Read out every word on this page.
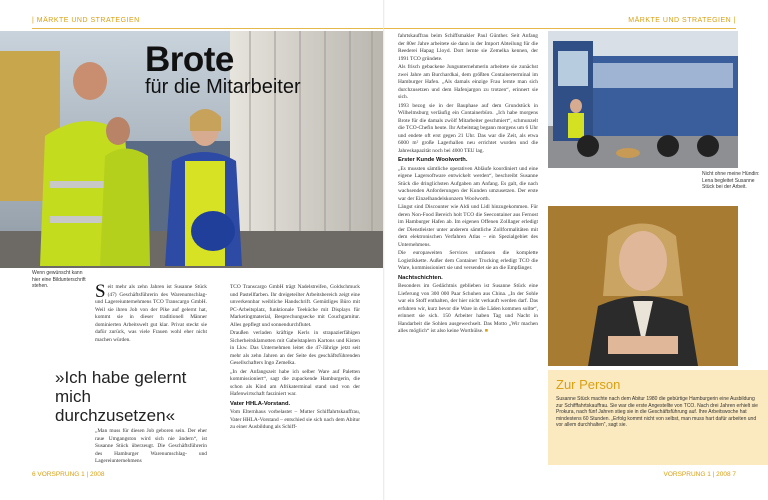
| MÄRKTE UND STRATEGIEN
Brote
für die Mitarbeiter
Wenn gewünscht kann hier eine Bildunterschrift stehen.	S eit mehr als zehn Jahren ist Susanne Stück (47) Geschäftsführerin des Warenumschlag- und Lagereiunternehmens TCO Transcargo GmbH. Weil sie ihren Job von der Pike auf gelernt hat, kommt sie in dieser traditionell Männer dominierten Arbeitswelt gut klar. Privat steckt sie dafür zurück, was viele Frauen wohl eher nicht machen würden.

»Ich habe gelernt mich durchzusetzen«

„Man muss für diesen Job geboren sein. Der eher raue Umgangston wird sich nie ändern“, ist Susanne Stück überzeugt. Die Geschäftsführerin des Hamburger Warenumschlag- und Lagereiunternehmens

TCO Transcargo GmbH trägt Nadelstreifen, Goldschmuck und Pastellfarben. Ihr dreigeteilter Arbeitsbereich zeigt eine unverkennbar weibliche Handschrift. Gemütliges Büro mit PC-Arbeitsplatz, funktionale Teeküche mit Displays für Marketingmaterial, Besprechungsecke mit Couchgarnitur. Alles gepflegt und sonnendurchflutet.

Draußen verladen kräftige Kerls in strapazierfähigen Sicherheitsklamotten mit Gabelstaplern Kartons und Kisten in Lkw. Das Unternehmen leitet die 47-Jährige jetzt seit mehr als zehn Jahren an der Seite des geschäftsführenden Gesellschafters Ingo Zemelka.

„In der Anfangszeit habe ich selber Ware auf Paletten kommissioniert“, sagt die zupackende Hamburgerin, die schon als Kind am Afrikaterminal stand und von der Hafenwirtschaft fasziniert war.

Vater HHLA-Vorstand.

Vom Elternhaus vorbelastet – Mutter Schiffahrtskauffrau, Vater HHLA-Vorstand – entschied sie sich nach dem Abitur zu einer Ausbildung als Schiff-

6 VORSPRUNG 1 | 2008
MÄRKTE UND STRATEGIEN |

fahrtskauffrau beim Schiffsmakler Paul Günther. Seit Anfang der 80er Jahre arbeitete sie dann in der Import Abteilung für die Reederei Hapag Lloyd. Dort lernte sie Zemelka kennen, der 1991 TCO gründete.

Als frisch gebackene Jungunternehmerin arbeitete sie zunächst zwei Jahre am Burchardkai, dem größten Containerterminal im Hamburger Hafen. „Als damals einzige Frau lernte man sich durchzusetzen und dem Hafenjargon zu trotzen“, erinnert sie sich.

1993 bezog sie in der Bauphase auf dem Grundstück in Wilhelmsburg verläufig ein Containerbüro. „Ich habe morgens Brote für die damals zwölf Mitarbeiter geschmiert“, schmunzelt die TCO-Chefin heute. Ihr Arbeitstag begann morgens um 6 Uhr und endete oft erst gegen 21 Uhr. Das war die Zeit, als etwa 6000 m² große Lagerhallen neu errichtet wurden und die Jahreskapazität noch bei 4000 TEU lag.

Erster Kunde Woolworth.

„Es mussten sämtliche operativen Abläufe koordiniert und eine eigene Lagersoftware entwickelt werden“, beschreibt Susanne Stück die dringlichsten Aufgaben am Anfang. Es galt, die nach wachsenden Anforderungen der Kunden umzusetzen. Der erste war der Einzelhandelskonzern Woolworth.

Längst sind Discounter wie Aldi und Lidl hinzugekommen. Für deren Non-Food Bereich holt TCO die Seecontainer aus Fernost im Hamburger Hafen ab. Im eigenen Offenen Zolllager erledigt der Dienstleister unter anderem sämtliche Zollformalitäten mit dem elektronischen Verfahren Atlas – ein Spezialgebiet des Unternehmens.

Die europaweiten Services umfassen die komplette Logistikkette. Außer dem Container Trucking erledigt TCO die Ware, kommissioniert sie und versendet sie an die Empfänger.

Nachtschichten.

Besonders im Gedächtnis geblieben ist Susanne Stück eine Lieferung von 300 000 Paar Schuhen aus China. „In der Sohle war ein Stoff enthalten, der hier nicht verkauft werden darf. Das erfuhren wir, kurz bevor die Ware in die Läden kommen sollte“, erinnert sie sich. 150 Arbeiter haben Tag und Nacht in Handarbeit die Sohlen ausgewechselt. Das Motto „Wir machen alles möglich“ ist also keine Worthülse. ■

Nicht ohne meine Hündin: Lena begleitet Susanne Stück bei der Arbeit.
Zur Person
Susanne Stück machte nach dem Abitur 1980 die gebürtige Hamburgerin eine Ausbildung zur Schifffahrtskauffrau. Sie war die erste Angestellte von TCO. Nach drei Jahren erhielt sie Prokura, nach fünf Jahren stieg sie in die Geschäftsführung auf. Ihre Arbeitswoche hat mindestens 60 Stunden. „Erfolg kommt nicht von selbst, man muss hart dafür arbeiten und vor allem durchhalten“, sagt sie.
VORSPRUNG 1 | 2008 7
